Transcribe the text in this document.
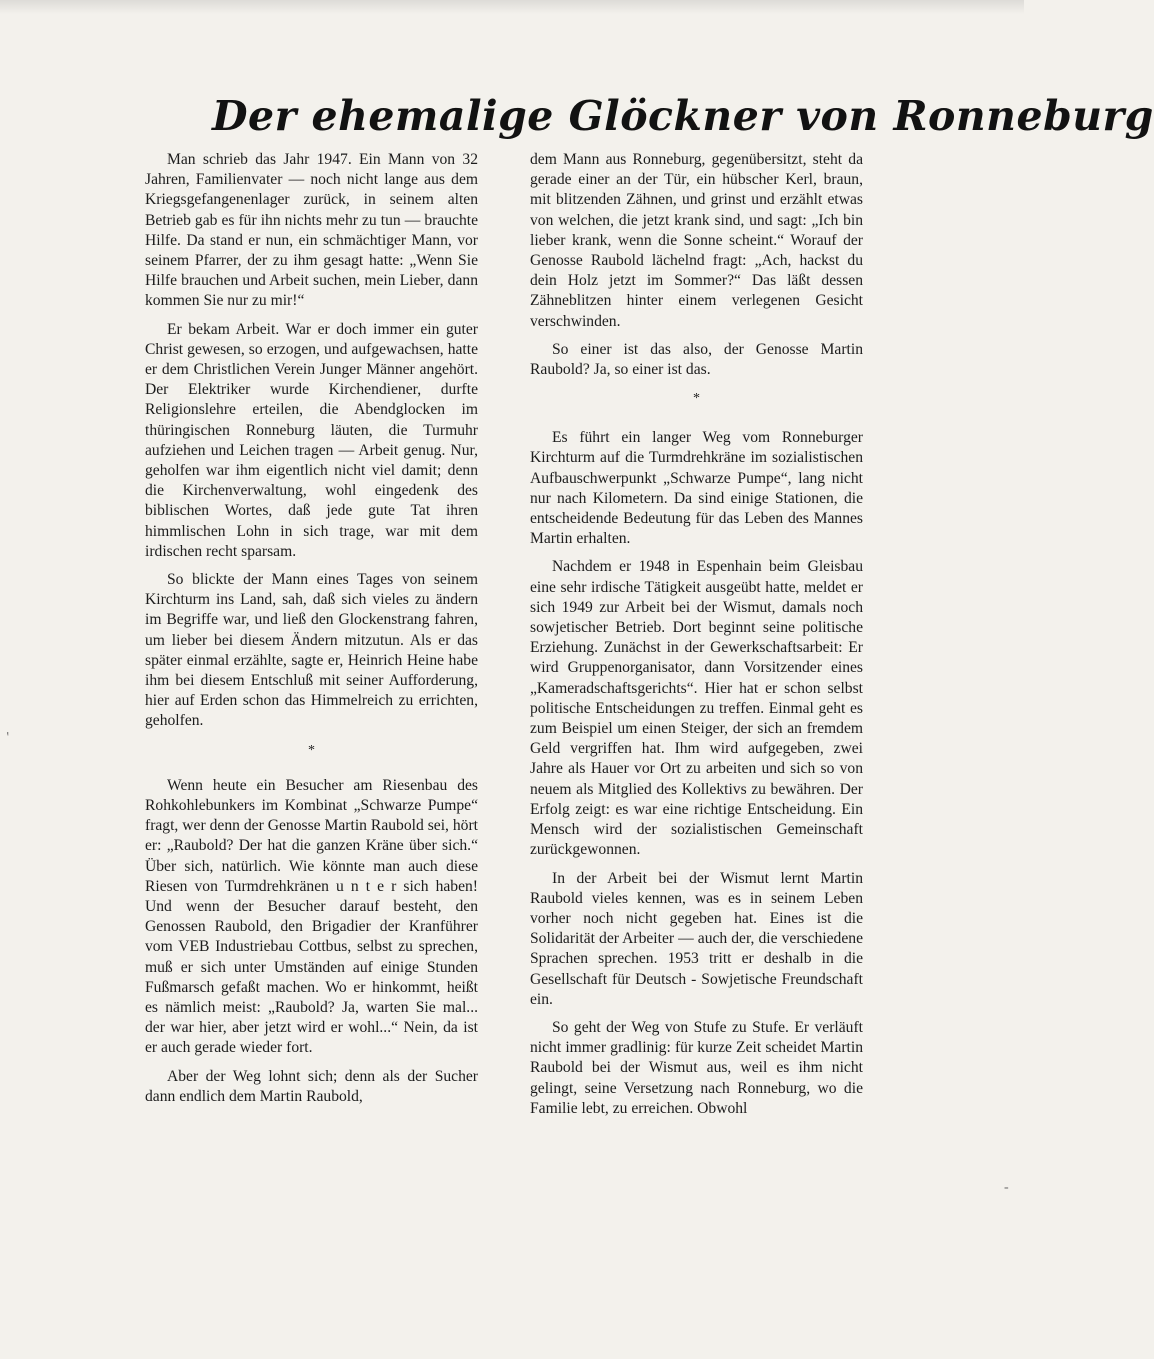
ʹ
-
Der ehemalige Glöckner von Ronneburg

Man schrieb das Jahr 1947. Ein Mann von 32 Jahren, Familienvater — noch nicht lange aus dem Kriegsgefangenenlager zurück, in seinem alten Betrieb gab es für ihn nichts mehr zu tun — brauchte Hilfe. Da stand er nun, ein schmächtiger Mann, vor seinem Pfarrer, der zu ihm gesagt hatte: „Wenn Sie Hilfe brauchen und Arbeit suchen, mein Lieber, dann kommen Sie nur zu mir!“

Er bekam Arbeit. War er doch immer ein guter Christ gewesen, so erzogen, und aufgewachsen, hatte er dem Christlichen Verein Junger Männer angehört. Der Elektriker wurde Kirchendiener, durfte Religionslehre erteilen, die Abendglocken im thüringischen Ronneburg läuten, die Turmuhr aufziehen und Leichen tragen — Arbeit genug. Nur, geholfen war ihm eigentlich nicht viel damit; denn die Kirchenverwaltung, wohl eingedenk des biblischen Wortes, daß jede gute Tat ihren himmlischen Lohn in sich trage, war mit dem irdischen recht sparsam.

So blickte der Mann eines Tages von seinem Kirchturm ins Land, sah, daß sich vieles zu ändern im Begriffe war, und ließ den Glockenstrang fahren, um lieber bei diesem Ändern mitzutun. Als er das später einmal erzählte, sagte er, Heinrich Heine habe ihm bei diesem Entschluß mit seiner Aufforderung, hier auf Erden schon das Himmelreich zu errichten, geholfen.

*

Wenn heute ein Besucher am Riesenbau des Rohkohlebunkers im Kombinat „Schwarze Pumpe“ fragt, wer denn der Genosse Martin Raubold sei, hört er: „Raubold? Der hat die ganzen Kräne über sich.“ Über sich, natürlich. Wie könnte man auch diese Riesen von Turmdrehkränen u n t e r sich haben! Und wenn der Besucher darauf besteht, den Genossen Raubold, den Brigadier der Kranführer vom VEB Industriebau Cottbus, selbst zu sprechen, muß er sich unter Umständen auf einige Stunden Fußmarsch gefaßt machen. Wo er hinkommt, heißt es nämlich meist: „Raubold? Ja, warten Sie mal... der war hier, aber jetzt wird er wohl...“ Nein, da ist er auch gerade wieder fort.

Aber der Weg lohnt sich; denn als der Sucher dann endlich dem Martin Raubold,

dem Mann aus Ronneburg, gegenübersitzt, steht da gerade einer an der Tür, ein hübscher Kerl, braun, mit blitzenden Zähnen, und grinst und erzählt etwas von welchen, die jetzt krank sind, und sagt: „Ich bin lieber krank, wenn die Sonne scheint.“ Worauf der Genosse Raubold lächelnd fragt: „Ach, hackst du dein Holz jetzt im Sommer?“ Das läßt dessen Zähneblitzen hinter einem verlegenen Gesicht verschwinden.

So einer ist das also, der Genosse Martin Raubold? Ja, so einer ist das.

*

Es führt ein langer Weg vom Ronneburger Kirchturm auf die Turmdrehkräne im sozialistischen Aufbauschwerpunkt „Schwarze Pumpe“, lang nicht nur nach Kilometern. Da sind einige Stationen, die entscheidende Bedeutung für das Leben des Mannes Martin erhalten.

Nachdem er 1948 in Espenhain beim Gleisbau eine sehr irdische Tätigkeit ausgeübt hatte, meldet er sich 1949 zur Arbeit bei der Wismut, damals noch sowjetischer Betrieb. Dort beginnt seine politische Erziehung. Zunächst in der Gewerkschaftsarbeit: Er wird Gruppenorganisator, dann Vorsitzender eines „Kameradschaftsgerichts“. Hier hat er schon selbst politische Entscheidungen zu treffen. Einmal geht es zum Beispiel um einen Steiger, der sich an fremdem Geld vergriffen hat. Ihm wird aufgegeben, zwei Jahre als Hauer vor Ort zu arbeiten und sich so von neuem als Mitglied des Kollektivs zu bewähren. Der Erfolg zeigt: es war eine richtige Entscheidung. Ein Mensch wird der sozialistischen Gemeinschaft zurückgewonnen.

In der Arbeit bei der Wismut lernt Martin Raubold vieles kennen, was es in seinem Leben vorher noch nicht gegeben hat. Eines ist die Solidarität der Arbeiter — auch der, die verschiedene Sprachen sprechen. 1953 tritt er deshalb in die Gesellschaft für Deutsch - Sowjetische Freundschaft ein.

So geht der Weg von Stufe zu Stufe. Er verläuft nicht immer gradlinig: für kurze Zeit scheidet Martin Raubold bei der Wismut aus, weil es ihm nicht gelingt, seine Versetzung nach Ronneburg, wo die Familie lebt, zu erreichen. Obwohl
